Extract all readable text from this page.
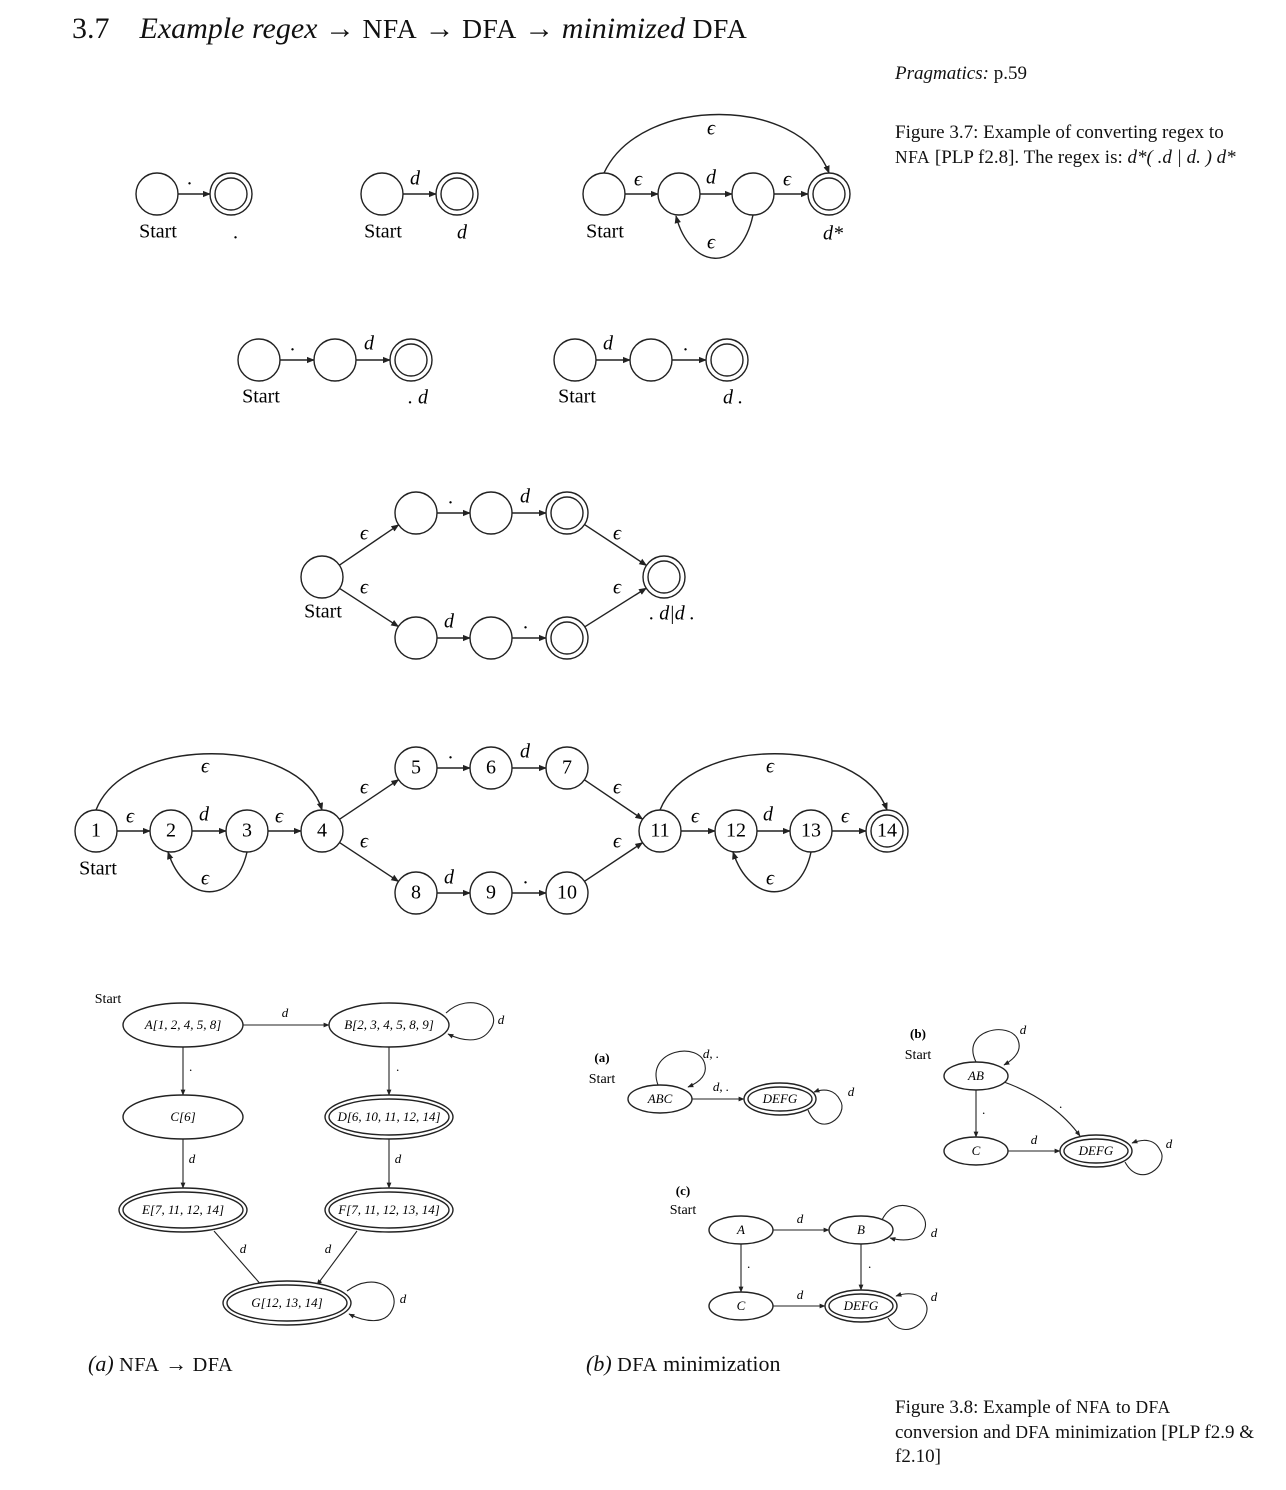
3.7 Example regex → NFA → DFA → minimized DFA
Pragmatics: p.59
Figure 3.7: Example of converting regex to NFA [PLP f2.8]. The regex is: d*( .d | d. ) d*
Figure 3.8: Example of NFA to DFA conversion and DFA minimization [PLP f2.9 & f2.10]
(a) NFA → DFA	(b) DFA minimization
.
Start	.
d
Start	d
ϵ	d	ϵ
ϵ
ϵ
Start	d*
.	d
Start	. d
d	.
Start	d .
ϵ
ϵ
.	d
d	.
ϵ
ϵ
Start	. d|d .
1	2	3	4
5	6	7
8	9	10
11	12	13	14
ϵ	d	ϵ
ϵ
ϵ
ϵ
ϵ
.	d
d	.
ϵ
ϵ
ϵ	d	ϵ
ϵ
ϵ
Start
A[1, 2, 4, 5, 8]	B[2, 3, 4, 5, 8, 9]
C[6]	D[6, 10, 11, 12, 14]
E[7, 11, 12, 14]	F[7, 11, 12, 13, 14]
G[12, 13, 14]
Start
d	d
.	.
d	d
d	d
d
(a)
Start
ABC	DEFG
d, .
d, .
d
(b)
Start
AB
C	DEFG
d
.
d
.
d
(c)
Start
A	B
C	DEFG
d
d
.	.
d	d
